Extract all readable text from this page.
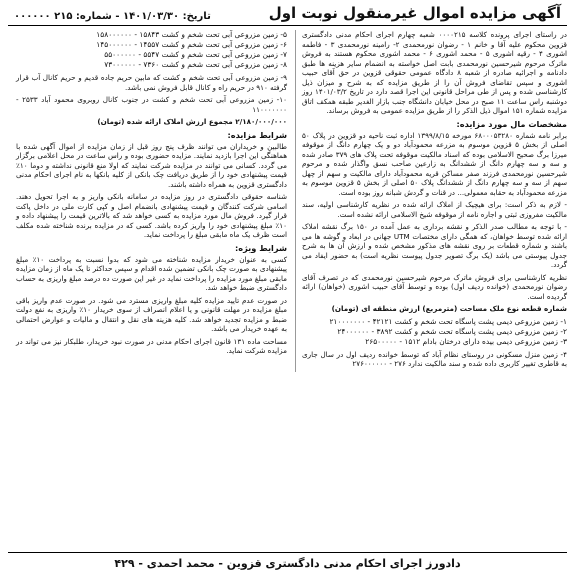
آگهی مزایده اموال غیرمنقول نوبت اول
تاریخ: ۱۴۰۱/۰۳/۳۰ - شماره: ۲۱۵ ۰۰۰۰۰۰

در راستای اجرای پرونده کلاسه ۰۰۰۰۲۱۵ شعبه چهارم اجرای احکام مدنی دادگستری قزوین محکوم علیه آقا و خانم ۱ - رضوان نورمحمدی ۲- رامینه نورمحمدی ۳ - فاطمه اشوری ۴ - رقیه اشوری ۵ - محمد اشوری ۶ - محمد اشوری محکوم هستند به فروش ماترک مرحوم شیرحسین نورمحمدی بابت اصل خواسته به انضمام سایر هزینه ها طبق دادنامه و اجرائیه صادره از شعبه ۸ دادگاه عمومی حقوقی قزوین در حق آقای حبیب اشوری و سپس تقاضای فروش آن را از طریق مزایده که به شرح و میزان ذیل کارشناسی شده و پس از طی مراحل قانونی این اجرا قصد دارد در تاریخ ۱۴۰۱/۰۳/۲ روز دوشنبه راس ساعت ۱۱ صبح در محل خیابان دانشگاه جنب بازار الغدیر طبقه همکف اتاق مزایده شماره ۱۵۱ اموال ذیل الذکر را از طریق مزایده عمومی به فروش برساند.

مشخصات مال مورد مزایده:

برابر نامه شماره ۶۸۰۰۰۵۳۲۸۰ مورخه ۱۳۹۹/۸/۱۵ اداره ثبت ناحیه دو قزوین در پلاک ۵۰ اصلی از بخش ۵ قزوین موسوم به مزرعه محمودآباد دو و یک چهارم دانگ از موقوفه میرزا برگ صحیح الاسلامی بوده که اسناد مالکیت موقوفه تحت پلاک های ۳۷۹ صادر شده و سه و سه چهارم دانگ از ششدانگ به زارعین صاحب نسق واگذار شده و مرحوم شیرحسین نورمحمدی فرزند صفر مساکن قریه محمودآباد دارای مالکیت و سهم از چهل سهم از سه و سه چهارم دانگ از ششدانگ پلاک ۵۰ اصلی از بخش ۵ قزوین موسوم به مزرعه محمودآباد به حقابه معمولی... در قنات و گردش شبانه روز بوده است.

- لازم به ذکر است: برای هیچیک از املاک ارائه شده در نظریه کارشناسی اولیه، سند مالکیت مفروزی ثبتی و اجاره نامه از موقوفه شیخ الاسلامی ارائه نشده است.

- با توجه به مطالب صدر الذکر و نقشه برداری به عمل آمده در ۱۵۰ برگ نقشه املاک ارائه شده توسط خواهان، که همگی دارای مختصات UTM جهانی در ابعاد و گوشه ها می باشند و شماره قطعات بر روی نقشه های مذکور مشخص شده و ارزش آن ها به شرح جدول پیوستی می باشد (یک برگ تصویر جدول پیوست نظریه است) به حضور ایفاد می گردد.

نظریه کارشناسی برای فروش ماترک مرحوم شیرحسین نورمحمدی که در تصرف آقای رضوان نورمحمدی (خوانده ردیف اول) بوده و توسط آقای حبیب اشوری (خواهان) ارائه گردیده است.

شماره قطعه نوع ملک مساحت (مترمربع) ارزش منطقه ای (تومان)

۱- زمین مزروعی دیمی پشت پاسگاه تحت شخم و کشت ۴۲۱۲۱ - ۲۱۰۰۰۰۰۰۰
۲- زمین مزروعی دیمی پشت پاسگاه تحت شخم و کشت ۳۸۹۲ - ۲۴۰۰۰۰۰۰
۳- زمین مزروعی دیمی بیده دارای درختان بادام ۱۵۱۲ - ۲۶۵۰۰۰۰۰

۴- زمین منزل مسکونی در روستای نظام آباد که توسط خوانده ردیف اول در سال جاری به قاطری تغییر کاربری داده شده و سند مالکیت ندارد ۲۷۶ - ۲۷۶۰۰۰۰۰۰

۵- زمین مزروعی آبی تحت شخم و کشت ۱۵۸۴۳ - ۱۵۸۰۰۰۰۰۰
۶- زمین مزروعی آبی تحت شخم و کشت ۱۴۵۵۷ - ۱۴۵۰۰۰۰۰۰
۷- زمین مزروعی آبی تحت شخم و کشت ۵۵۴۷ - ۵۵۰۰۰۰۰۰
۸- زمین مزروعی آبی تحت شخم و کشت ۷۳۶۰ - ۷۳۰۰۰۰۰۰

۹- زمین مزروعی آبی تحت شخم و کشت که مابین حریم جاده قدیم و حریم کانال آب قرار گرفته ۹۱۰ در حریم راه و کانال قابل فروش نمی باشد.

۱۰- زمین مزروعی آبی تحت شخم و کشت در جنوب کانال روبروی محمود آباد ۲۵۳۳ - ۱۱۰۰۰۰۰۰۰

۲/۱۸۰/۰۰۰/۰۰۰ مجموع ارزش املاک ارائه شده (تومان)

شرایط مزایده:

طالبین و خریداران می توانند ظرف پنج روز قبل از زمان مزایده از اموال آگهی شده با هماهنگی این اجرا بازدید نمایند. مزایده حضوری بوده و راس ساعت در محل اعلامی برگزار می گردد. کسانی می توانند در مزایده شرکت نمایند که اولا منع قانونی نداشته و دوما ۱۰٪ قیمت پیشنهادی خود را از طریق دریافت چک بانکی از کلیه بانکها به نام اجرای احکام مدنی دادگستری قزوین به همراه داشته باشند.

شناسه حقوقی دادگستری در روز مزایده در سامانه بانکی واریز و به اجرا تحویل دهند. اسامی شرکت کنندگان و قیمت پیشنهادی بانضمام اصل و کپی کارت ملی در داخل پاکت قرار گیرد. فروش مال مورد مزایده به کسی خواهد شد که بالاترین قیمت را پیشنهاد داده و ۱۰٪ مبلغ پیشنهادی خود را واریز کرده باشد. کسی که در مزایده برنده شناخته شده مکلف است ظرف یک ماه مابقی مبلغ را پرداخت نماید.

شرایط ویژه:

کسی به عنوان خریدار مزایده شناخته می شود که بدوا نسبت به پرداخت ۱۰٪ مبلغ پیشنهادی به صورت چک بانکی تضمین شده اقدام و سپس حداکثر تا یک ماه از زمان مزایده مابقی مبلغ مورد مزایده را پرداخت نماید در غیر این صورت ده درصد مبلغ واریزی به حساب دادگستری ضبط خواهد شد.

در صورت عدم تایید مزایده کلیه مبلغ واریزی مسترد می شود. در صورت عدم واریز باقی مبلغ مزایده در مهلت قانونی و یا اعلام انصراف از سوی خریدار ۱۰٪ واریزی به نفع دولت ضبط و مزایده تجدید خواهد شد. کلیه هزینه های نقل و انتقال و مالیات و عوارض احتمالی به عهده خریدار می باشد.

مساحت ماده ۱۳۱ قانون اجرای احکام مدنی در صورت نبود خریدار، طلبکار نیز می تواند در مزایده شرکت نماید.

دادورز اجرای احکام مدنی دادگستری قزوین - محمد احمدی - ۴۲۹
